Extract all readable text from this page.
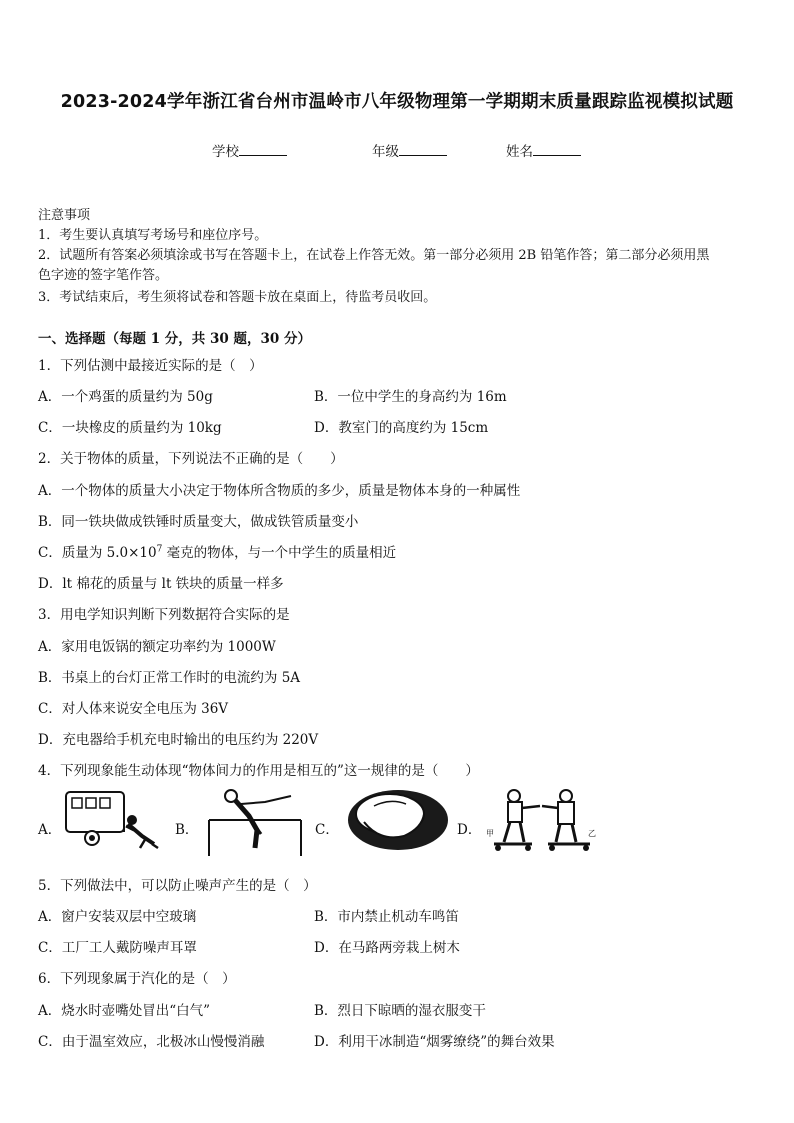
2023-2024学年浙江省台州市温岭市八年级物理第一学期期末质量跟踪监视模拟试题
学校	年级	姓名
注意事项
1．考生要认真填写考场号和座位序号。
2．试题所有答案必须填涂或书写在答题卡上，在试卷上作答无效。第一部分必须用 2B 铅笔作答；第二部分必须用黑
色字迹的签字笔作答。
3．考试结束后，考生须将试卷和答题卡放在桌面上，待监考员收回。
一、选择题（每题 1 分，共 30 题，30 分）
1．下列估测中最接近实际的是（　）
A．一个鸡蛋的质量约为 50g	B．一位中学生的身高约为 16m
C．一块橡皮的质量约为 10kg	D．教室门的高度约为 15cm
2．关于物体的质量，下列说法不正确的是（　　）
A．一个物体的质量大小决定于物体所含物质的多少，质量是物体本身的一种属性
B．同一铁块做成铁锤时质量变大，做成铁管质量变小
C．质量为 $5.0\times 10^7$ 毫克的物体，与一个中学生的质量相近
D．lt 棉花的质量与 lt 铁块的质量一样多
3．用电学知识判断下列数据符合实际的是
A．家用电饭锅的额定功率约为 1000W
B．书桌上的台灯正常工作时的电流约为 5A
C．对人体来说安全电压为 36V
D．充电器给手机充电时输出的电压约为 220V
4．下列现象能生动体现“物体间力的作用是相互的”这一规律的是（　　）
A．	B．	C．	D． 甲	乙
5．下列做法中，可以防止噪声产生的是（　）
A．窗户安装双层中空玻璃	B．市内禁止机动车鸣笛
C．工厂工人戴防噪声耳罩	D．在马路两旁栽上树木
6．下列现象属于汽化的是（　）
A．烧水时壶嘴处冒出“白气”	B．烈日下晾晒的湿衣服变干
C．由于温室效应，北极冰山慢慢消融	D．利用干冰制造“烟雾缭绕”的舞台效果
